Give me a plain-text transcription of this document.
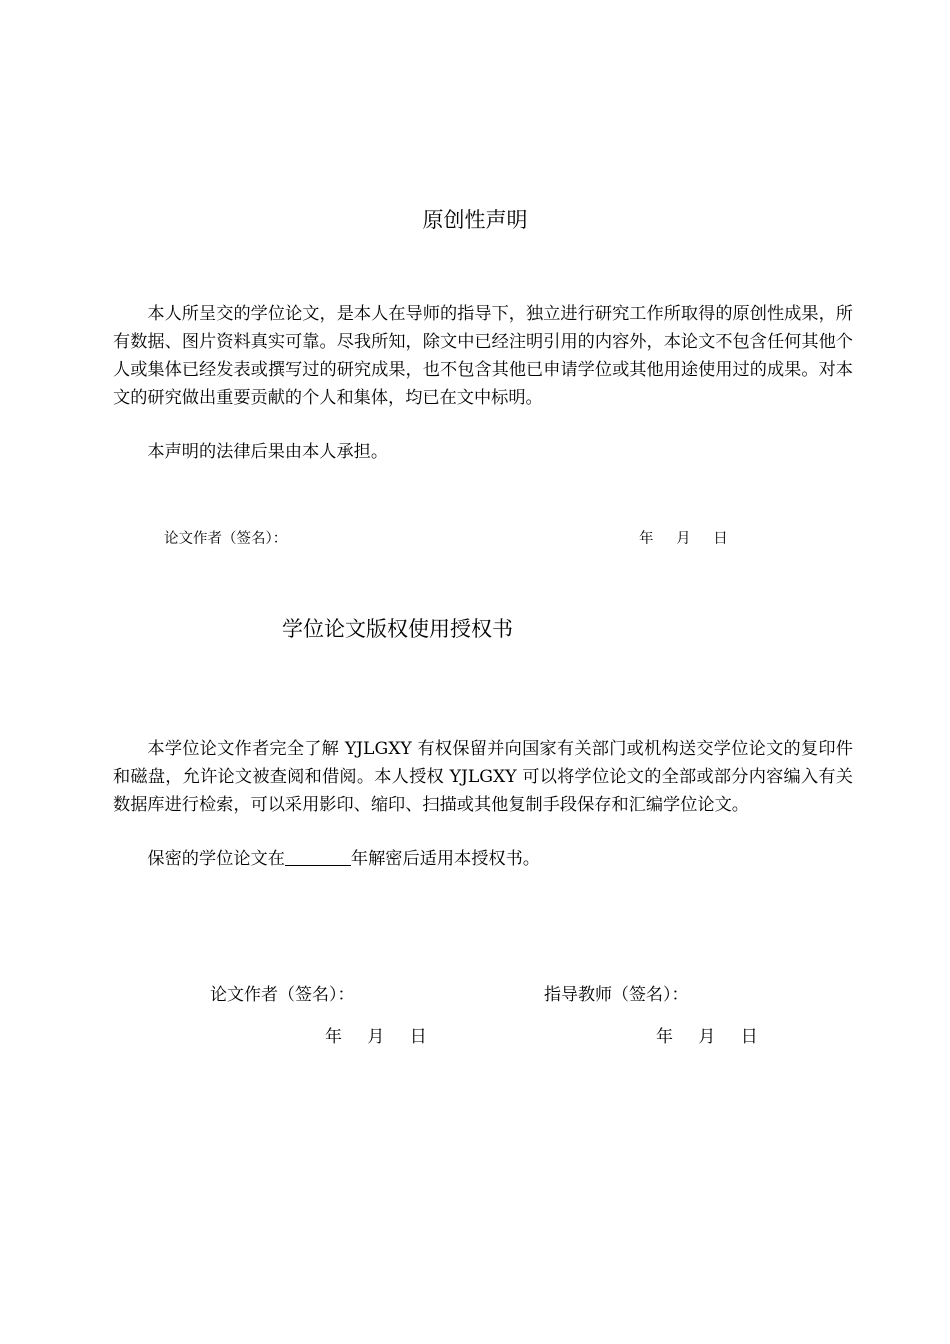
原创性声明

本人所呈交的学位论文，是本人在导师的指导下，独立进行研究工作所取得的原创性成果，所有数据、图片资料真实可靠。尽我所知，除文中已经注明引用的内容外，本论文不包含任何其他个人或集体已经发表或撰写过的研究成果，也不包含其他已申请学位或其他用途使用过的成果。对本文的研究做出重要贡献的个人和集体，均已在文中标明。

本声明的法律后果由本人承担。

论文作者（签名）：	年 月 日
学位论文版权使用授权书

本学位论文作者完全了解 YJLGXY 有权保留并向国家有关部门或机构送交学位论文的复印件和磁盘，允许论文被查阅和借阅。本人授权 YJLGXY 可以将学位论文的全部或部分内容编入有关数据库进行检索，可以采用影印、缩印、扫描或其他复制手段保存和汇编学位论文。

保密的学位论文在	年解密后适用本授权书。

论文作者（签名）：	指导教师（签名）：
年 月 日	年 月 日
